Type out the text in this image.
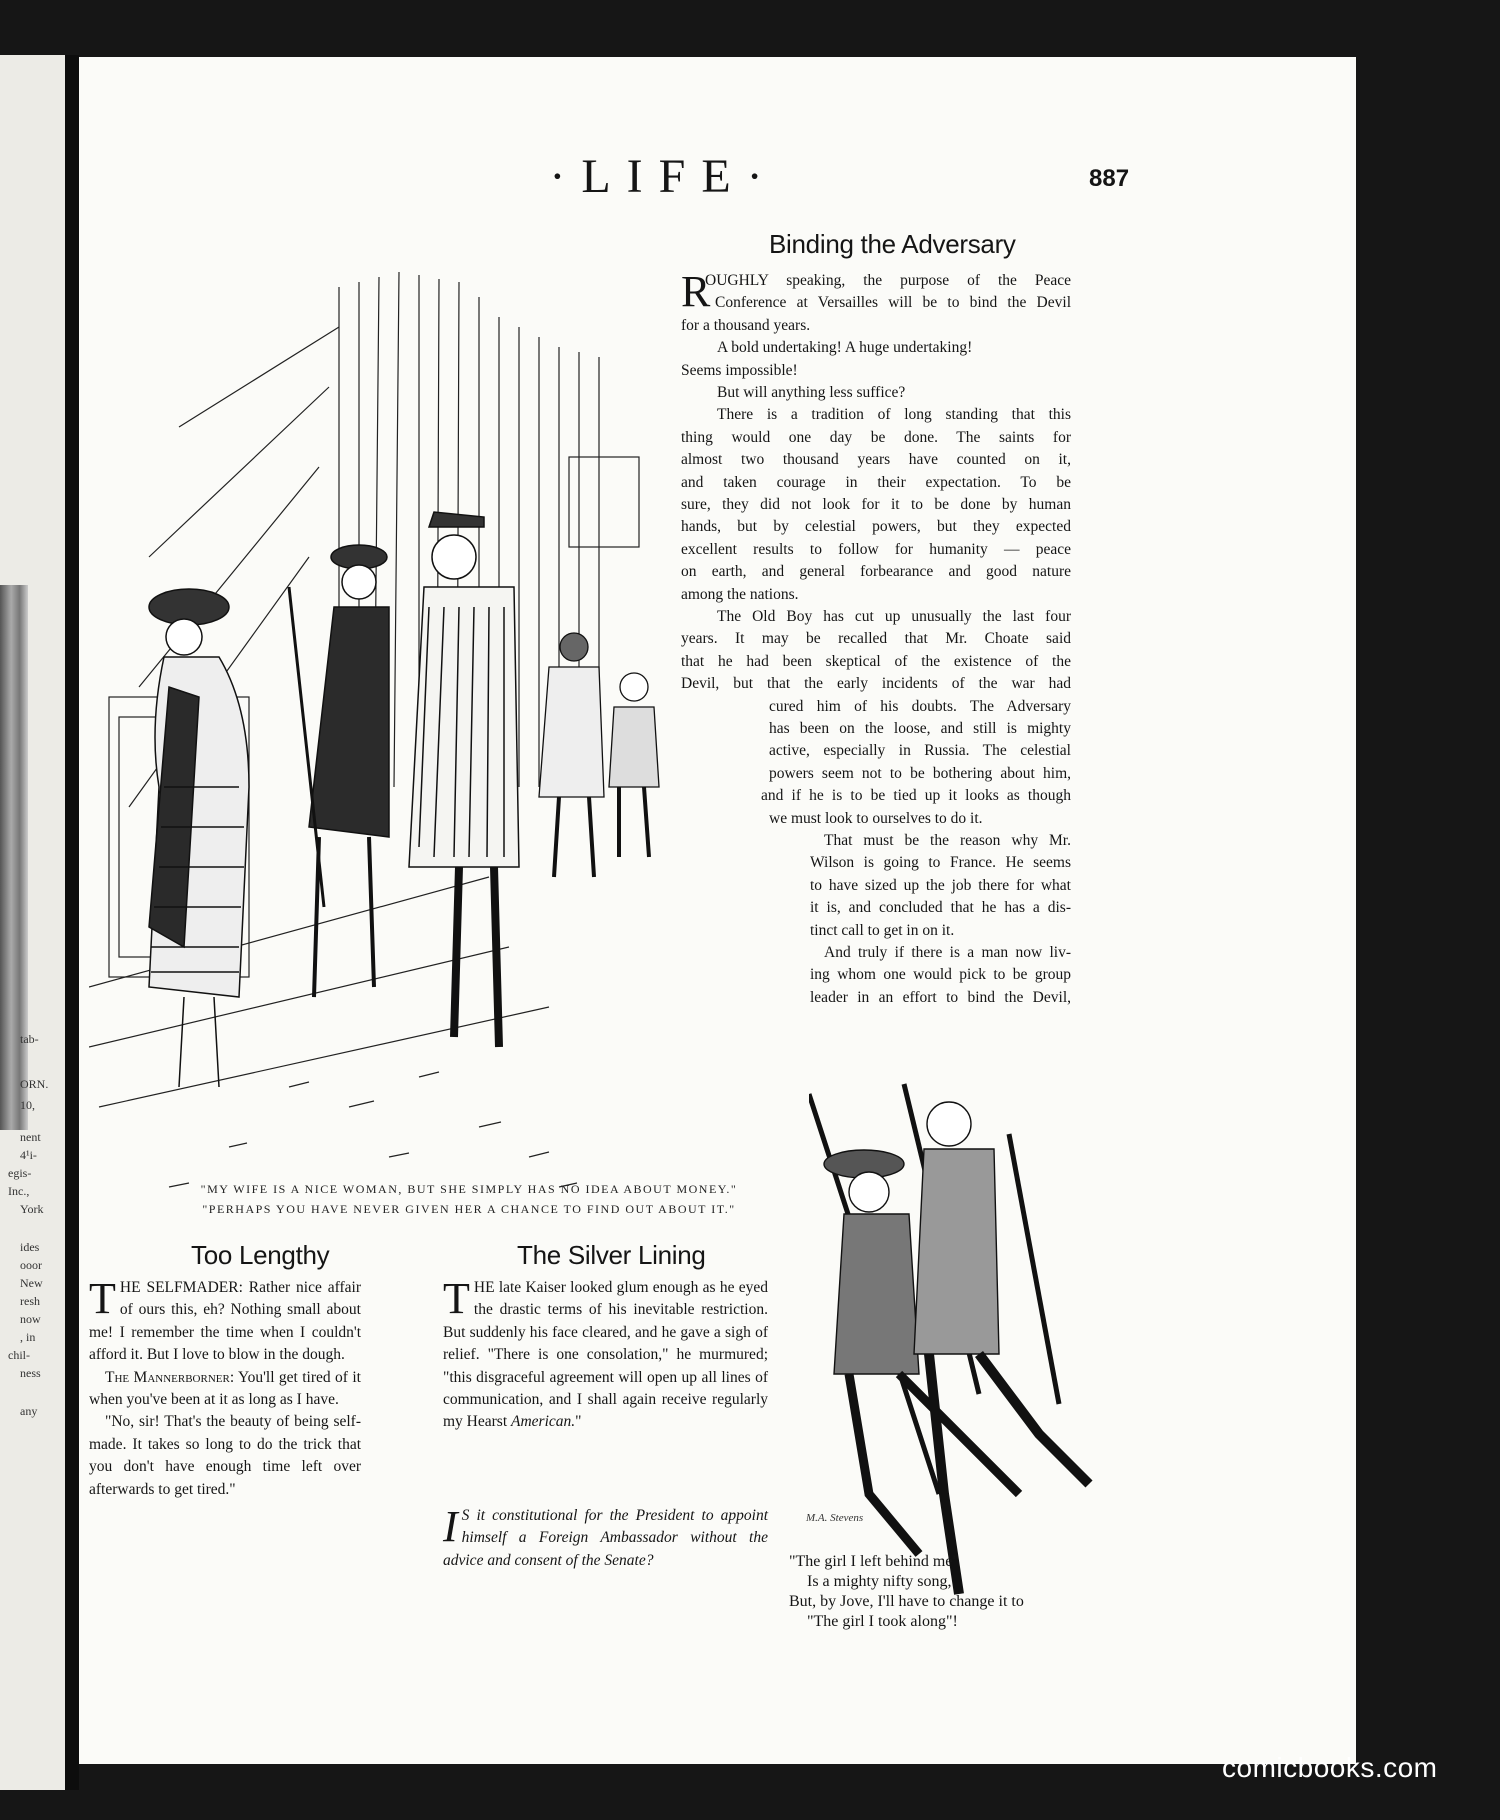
tab-
ORN.
10,
nent
4¹i-
egis-
Inc.,
York
ides
ooor
New
resh
now
, in
chil-
ness
any
·LIFE·	887
"MY WIFE IS A NICE WOMAN, BUT SHE SIMPLY HAS NO IDEA ABOUT MONEY."
"PERHAPS YOU HAVE NEVER GIVEN HER A CHANCE TO FIND OUT ABOUT IT."
Binding the Adversary
R
OUGHLY speaking, the purpose of the Peace
Conference at Versailles will be to bind the Devil
for a thousand years.
A bold undertaking! A huge undertaking!
Seems impossible!
But will anything less suffice?
There is a tradition of long standing that this
thing would one day be done. The saints for
almost two thousand years have counted on it,
and taken courage in their expectation. To be
sure, they did not look for it to be done by human
hands, but by celestial powers, but they expected
excellent results to follow for humanity — peace
on earth, and general forbearance and good nature
among the nations.
The Old Boy has cut up unusually the last four
years. It may be recalled that Mr. Choate said
that he had been skeptical of the existence of the
Devil, but that the early incidents of the war had
cured him of his doubts. The Adversary
has been on the loose, and still is mighty
active, especially in Russia. The celestial
powers seem not to be bothering about him,
and if he is to be tied up it looks as though
we must look to ourselves to do it.
That must be the reason why Mr.
Wilson is going to France. He seems
to have sized up the job there for what
it is, and concluded that he has a dis-
tinct call to get in on it.
And truly if there is a man now liv-
ing whom one would pick to be group
leader in an effort to bind the Devil,
Too Lengthy

THE SELFMADER: Rather nice affair of ours this, eh? Nothing small about me! I remember the time when I couldn't afford it. But I love to blow in the dough.

The Mannerborner: You'll get tired of it when you've been at it as long as I have.

"No, sir! That's the beauty of being self-made. It takes so long to do the trick that you don't have enough time left over afterwards to get tired."

The Silver Lining

THE late Kaiser looked glum enough as he eyed the drastic terms of his inevitable restriction. But suddenly his face cleared, and he gave a sigh of relief. "There is one consolation," he murmured; "this disgraceful agreement will open up all lines of communication, and I shall again receive regularly my Hearst American."

I S it constitutional for the President to appoint himself a Foreign Ambassador without the advice and consent of the Senate?

M.A. Stevens
"The girl I left behind me"
Is a mighty nifty song,
But, by Jove, I'll have to change it to
"The girl I took along"!
comicbooks.com
